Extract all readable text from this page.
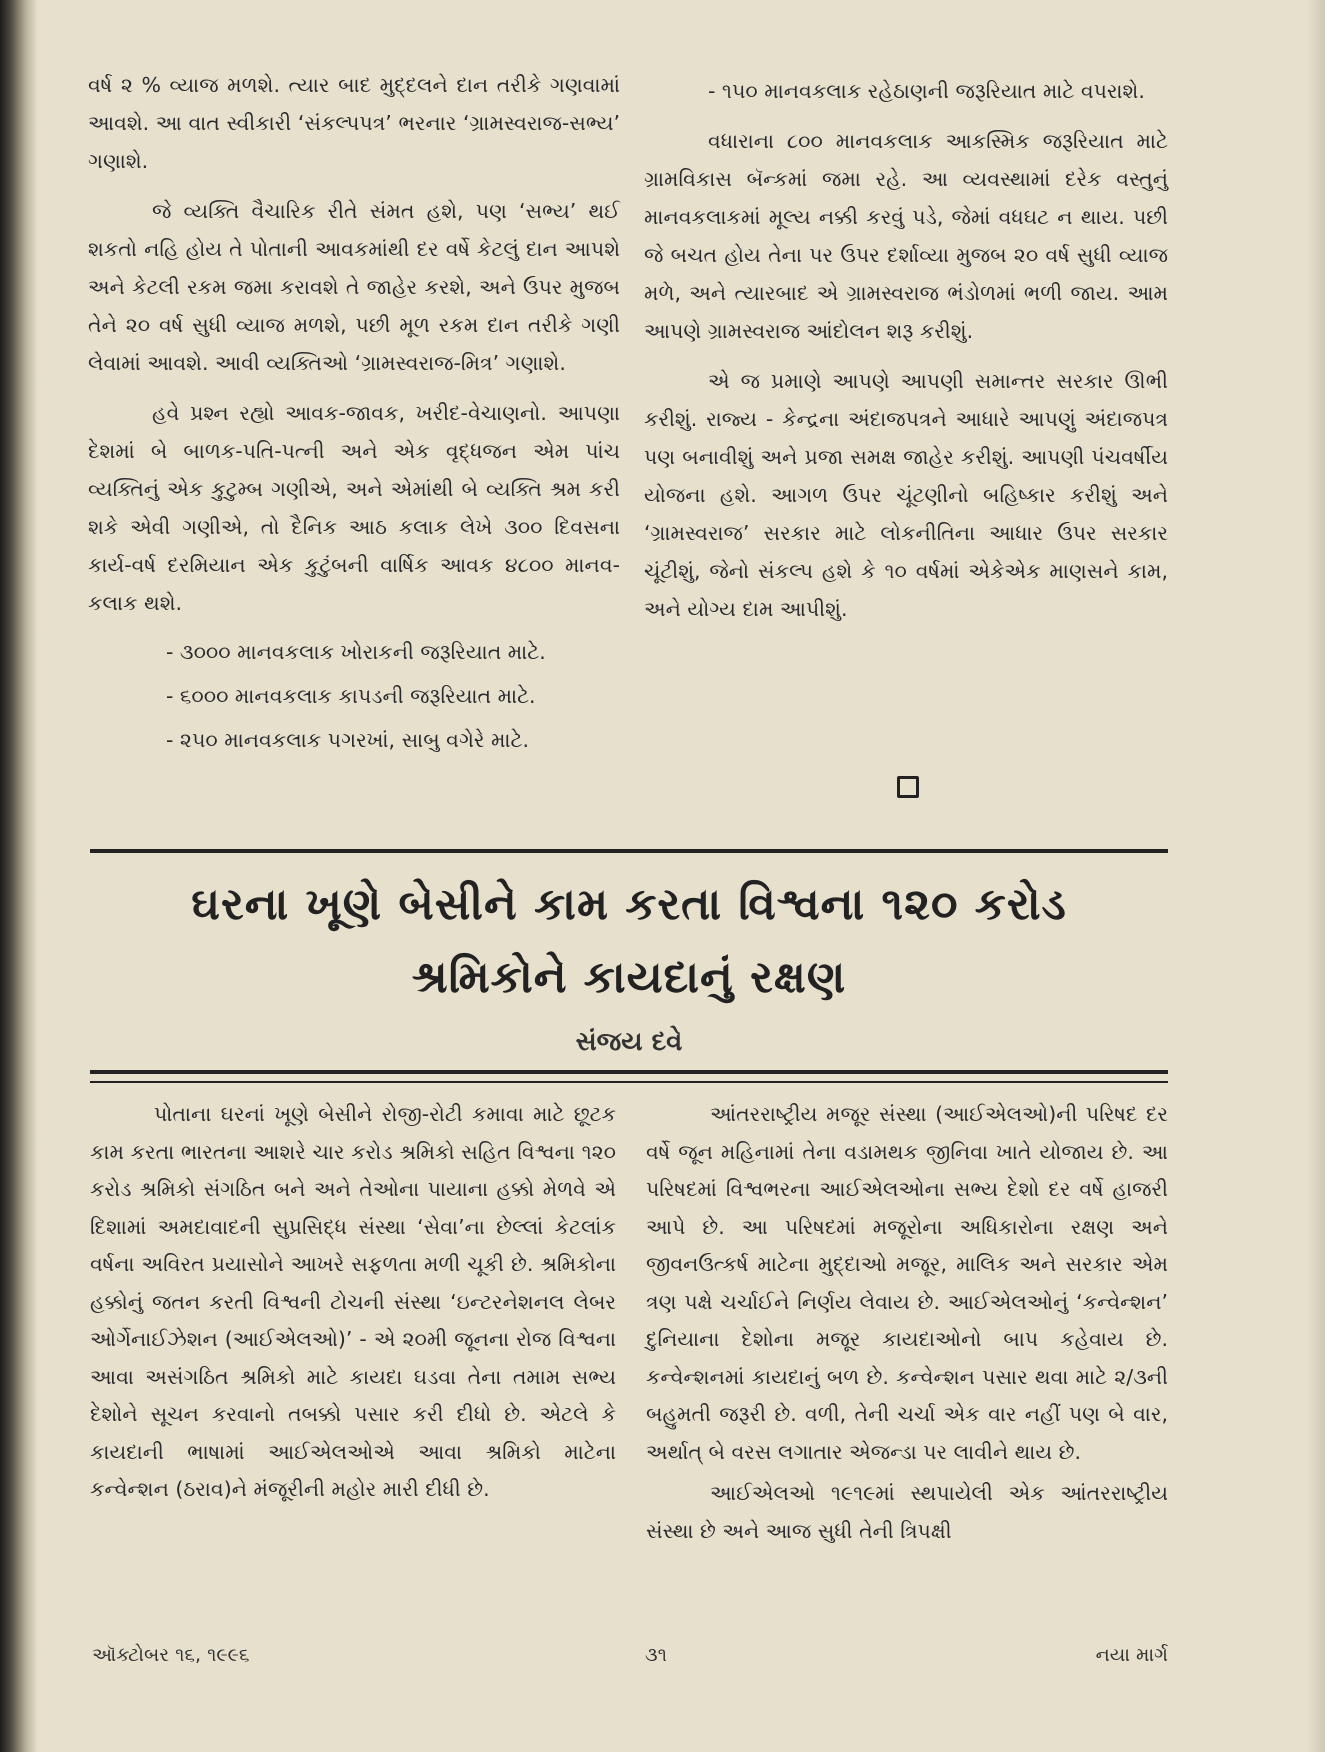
વર્ષ ૨ % વ્યાજ મળશે. ત્યાર બાદ મુદ્દલને દાન તરીકે ગણવામાં આવશે. આ વાત સ્વીકારી ‘સંકલ્પપત્ર’ ભરનાર ‘ગ્રામસ્વરાજ-સભ્ય’ ગણાશે.

જે વ્યક્તિ વૈચારિક રીતે સંમત હશે, પણ ‘સભ્ય’ થઈ શકતો નહિ હોય તે પોતાની આવકમાંથી દર વર્ષે કેટલું દાન આપશે અને કેટલી રકમ જમા કરાવશે તે જાહેર કરશે, અને ઉપર મુજબ તેને ૨૦ વર્ષ સુધી વ્યાજ મળશે, પછી મૂળ રકમ દાન તરીકે ગણી લેવામાં આવશે. આવી વ્યક્તિઓ ‘ગ્રામસ્વરાજ-મિત્ર’ ગણાશે.

હવે પ્રશ્ન રહ્યો આવક-જાવક, ખરીદ-વેચાણનો. આપણા દેશમાં બે બાળક-પતિ-પત્ની અને એક વૃદ્ધજન એમ પાંચ વ્યક્તિનું એક કુટુમ્બ ગણીએ, અને એમાંથી બે વ્યક્તિ શ્રમ કરી શકે એવી ગણીએ, તો દૈનિક આઠ કલાક લેખે ૩૦૦ દિવસના કાર્ય-વર્ષ દરમિયાન એક કુટુંબની વાર્ષિક આવક ૪૮૦૦ માનવ-કલાક થશે.

- ૩૦૦૦ માનવકલાક ખોરાકની જરૂરિયાત માટે.
- ૬૦૦૦ માનવકલાક કાપડની જરૂરિયાત માટે.
- ૨૫૦ માનવકલાક પગરખાં, સાબુ વગેરે માટે.

- ૧૫૦ માનવકલાક રહેઠાણની જરૂરિયાત માટે વપરાશે.

વધારાના ૮૦૦ માનવકલાક આકસ્મિક જરૂરિયાત માટે ગ્રામવિકાસ બૅન્કમાં જમા રહે. આ વ્યવસ્થામાં દરેક વસ્તુનું માનવકલાકમાં મૂલ્ય નક્કી કરવું પડે, જેમાં વધઘટ ન થાય. પછી જે બચત હોય તેના પર ઉપર દર્શાવ્યા મુજબ ૨૦ વર્ષ સુધી વ્યાજ મળે, અને ત્યારબાદ એ ગ્રામસ્વરાજ ભંડોળમાં ભળી જાય. આમ આપણે ગ્રામસ્વરાજ આંદોલન શરૂ કરીશું.

એ જ પ્રમાણે આપણે આપણી સમાન્તર સરકાર ઊભી કરીશું. રાજ્ય - કેન્દ્રના અંદાજપત્રને આધારે આપણું અંદાજપત્ર પણ બનાવીશું અને પ્રજા સમક્ષ જાહેર કરીશું. આપણી પંચવર્ષીય યોજના હશે. આગળ ઉપર ચૂંટણીનો બહિષ્કાર કરીશું અને ‘ગ્રામસ્વરાજ’ સરકાર માટે લોકનીતિના આધાર ઉપર સરકાર ચૂંટીશું, જેનો સંકલ્પ હશે કે ૧૦ વર્ષમાં એકેએક માણસને કામ, અને યોગ્ય દામ આપીશું.

ઘરના ખૂણે બેસીને કામ કરતા વિશ્વના ૧૨૦ કરોડ
શ્રમિકોને કાયદાનું રક્ષણ
સંજય દવે

પોતાના ઘરનાં ખૂણે બેસીને રોજી-રોટી કમાવા માટે છૂટક કામ કરતા ભારતના આશરે ચાર કરોડ શ્રમિકો સહિત વિશ્વના ૧૨૦ કરોડ શ્રમિકો સંગઠિત બને અને તેઓના પાયાના હક્કો મેળવે એ દિશામાં અમદાવાદની સુપ્રસિદ્ધ સંસ્થા ‘સેવા’ના છેલ્લાં કેટલાંક વર્ષના અવિરત પ્રયાસોને આખરે સફળતા મળી ચૂકી છે. શ્રમિકોના હક્કોનું જતન કરતી વિશ્વની ટોચની સંસ્થા ‘ઇન્ટરનેશનલ લેબર ઓર્ગેનાઈઝેશન (આઈએલઓ)’ - એ ૨૦મી જૂનના રોજ વિશ્વના આવા અસંગઠિત શ્રમિકો માટે કાયદા ઘડવા તેના તમામ સભ્ય દેશોને સૂચન કરવાનો તબક્કો પસાર કરી દીધો છે. એટલે કે કાયદાની ભાષામાં આઈએલઓએ આવા શ્રમિકો માટેના કન્વેન્શન (ઠરાવ)ને મંજૂરીની મહોર મારી દીધી છે.

આંતરરાષ્ટ્રીય મજૂર સંસ્થા (આઈએલઓ)ની પરિષદ દર વર્ષે જૂન મહિનામાં તેના વડામથક જીનિવા ખાતે યોજાય છે. આ પરિષદમાં વિશ્વભરના આઈએલઓના સભ્ય દેશો દર વર્ષે હાજરી આપે છે. આ પરિષદમાં મજૂરોના અધિકારોના રક્ષણ અને જીવનઉત્કર્ષ માટેના મુદ્દાઓ મજૂર, માલિક અને સરકાર એમ ત્રણ પક્ષે ચર્ચાઈને નિર્ણય લેવાય છે. આઈએલઓનું ‘કન્વેન્શન’ દુનિયાના દેશોના મજૂર કાયદાઓનો બાપ કહેવાય છે. કન્વેન્શનમાં કાયદાનું બળ છે. કન્વેન્શન પસાર થવા માટે ૨/૩ની બહુમતી જરૂરી છે. વળી, તેની ચર્ચા એક વાર નહીં પણ બે વાર, અર્થાત્ બે વરસ લગાતાર એજન્ડા પર લાવીને થાય છે.

આઈએલઓ ૧૯૧૯માં સ્થપાયેલી એક આંતરરાષ્ટ્રીય સંસ્થા છે અને આજ સુધી તેની ત્રિપક્ષી

ઑક્ટોબર ૧૬, ૧૯૯૬	૩૧	નયા માર્ગ
